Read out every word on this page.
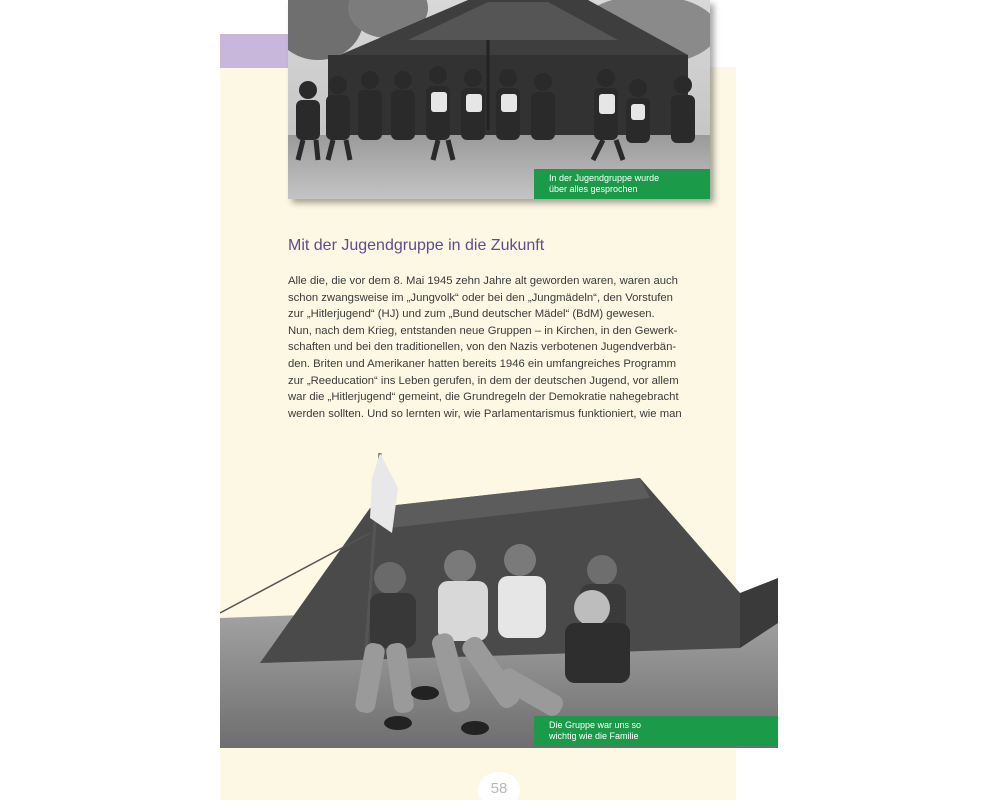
In der Jugendgruppe wurde
über alles gesprochen
Mit der Jugendgruppe in die Zukunft
Alle die, die vor dem 8. Mai 1945 zehn Jahre alt geworden waren, waren auch
schon zwangsweise im „Jungvolk“ oder bei den „Jungmädeln“, den Vorstufen
zur „Hitlerjugend“ (HJ) und zum „Bund deutscher Mädel“ (BdM) gewesen.
Nun, nach dem Krieg, entstanden neue Gruppen – in Kirchen, in den Gewerk-
schaften und bei den traditionellen, von den Nazis verbotenen Jugendverbän-
den. Briten und Amerikaner hatten bereits 1946 ein umfangreiches Programm
zur „Reeducation“ ins Leben gerufen, in dem der deutschen Jugend, vor allem
war die „Hitlerjugend“ gemeint, die Grundregeln der Demokratie nahegebracht
werden sollten. Und so lernten wir, wie Parlamentarismus funktioniert, wie man
Die Gruppe war uns so
wichtig wie die Familie
58
